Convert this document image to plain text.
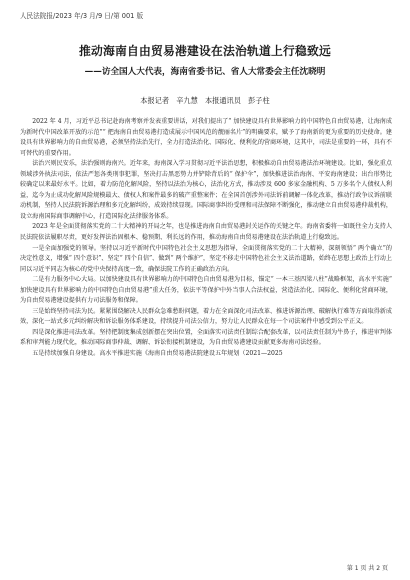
人民法院报/2023 年/3 月/9 日/第 001 版
推动海南自由贸易港建设在法治轨道上行稳致远
——访全国人大代表，海南省委书记、省人大常委会主任沈晓明
本报记者　辛九慧　本报通讯员　彭子柱

2022 年 4 月，习近平总书记赴海南考察并发表重要讲话，对我们提出了“ 加快建设具有世界影响力的中国特色自由贸易港，让海南成为新时代中国改革开放的示范”“ 把海南自由贸易港打造成展示中国风范的靓丽名片”的明确要求，赋予了海南新的更为重要的历史使命。建设具有世界影响力的自由贸易港，必须坚持法治先行，全力打造法治化、国际化、便利化的营商环境，这其中，司法是重要的一环，具有不可替代的重要作用。

法治兴则民安乐，法治强则海南兴。近年来，海南深入学习贯彻习近平法治思想，积极推动自由贸易港法治环境建设。比如，强化重点领域涉外执法司法，依法严惩各类刑事犯罪，坚决打击黑恶势力并铲除背后的“ 保护伞”，加快推进法治海南、平安海南建设；出台形势比较确定以来最好水平。比如，着力防范化解风险，坚持以法治为核心，法治化方式，推动涉及 600 多家金融机构、5 万多名个人债权人利益，迄今为止成功化解风险规模最大、债权人和案件最多的破产重整案件；在全国首创涉外司法诉前调解一体化改革，推动行政争议诉前联动机制，坚持人民法院诉源治理和多元化解纠纷，成效持续显现。国际商事纠纷受理和司法保障不断强化，推动建立自由贸易港仲裁机构，设立海南国际商事调解中心，打造国际化法律服务体系。

2023 年是全面贯彻落实党的二十大精神的开局之年，也是推进海南自由贸易港封关运作的关键之年。海南省委将一如既往全力支持人民法院依法履职尽责，更好发挥法治固根本、稳预期、利长远的作用，推动海南自由贸易港建设在法治轨道上行稳致远。

一是全面加强党的领导。坚持以习近平新时代中国特色社会主义思想为指导，全面贯彻落实党的二十大精神，深刻领悟“ 两个确立”的决定性意义，增强“ 四个意识”、坚定“ 四个自信”、做到“ 两个维护”，坚定不移走中国特色社会主义法治道路，始终在思想上政治上行动上同以习近平同志为核心的党中央保持高度一致，确保法院工作的正确政治方向。

二是有力服务中心大局。以加快建设具有世界影响力的中国特色自由贸易港为目标，锚定“ 一本三基四梁八柱”战略框架，高水平实施“ 加快建设具有世界影响力的中国特色自由贸易港”重大任务，依法平等保护中外当事人合法权益，营造法治化、国际化、便利化营商环境，为自由贸易港建设提供有力司法服务和保障。

三是始终坚持司法为民。紧紧围绕解决人民群众急难愁盼问题，着力在全面深化司法改革、推进诉源治理、破解执行难等方面取得新成效，深化一站式多元纠纷解决和诉讼服务体系建设，持续提升司法公信力，努力让人民群众在每一个司法案件中感受到公平正义。

四是深化推进司法改革。坚持把制度集成创新摆在突出位置，全面落实司法责任制综合配套改革，以司法责任制为牛鼻子，推进审判体系和审判能力现代化，推动国际商事仲裁、调解、诉讼衔接机制建设，为自由贸易港建设贡献更多海南司法经验。

五是持续加强自身建设。高水平推进实施《海南自由贸易港法院建设五年规划（2021—2025

第 1 页 共 2 页
